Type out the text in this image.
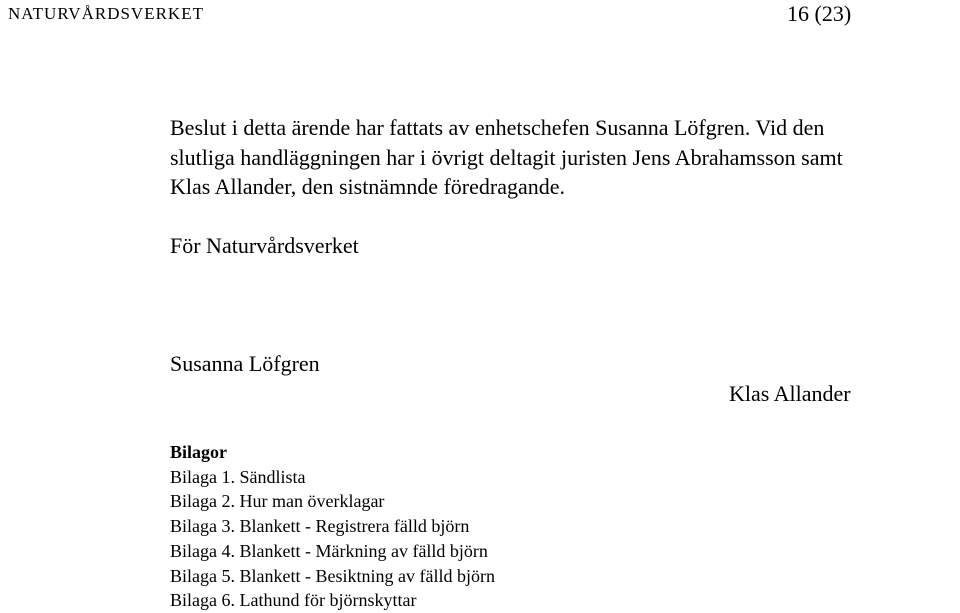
NATURVÅRDSVERKET	16 (23)
Beslut i detta ärende har fattats av enhetschefen Susanna Löfgren. Vid den
slutliga handläggningen har i övrigt deltagit juristen Jens Abrahamsson samt
Klas Allander, den sistnämnde föredragande.
För Naturvårdsverket
Susanna Löfgren
Klas Allander
Bilagor
Bilaga 1. Sändlista
Bilaga 2. Hur man överklagar
Bilaga 3. Blankett - Registrera fälld björn
Bilaga 4. Blankett - Märkning av fälld björn
Bilaga 5. Blankett - Besiktning av fälld björn
Bilaga 6. Lathund för björnskyttar
